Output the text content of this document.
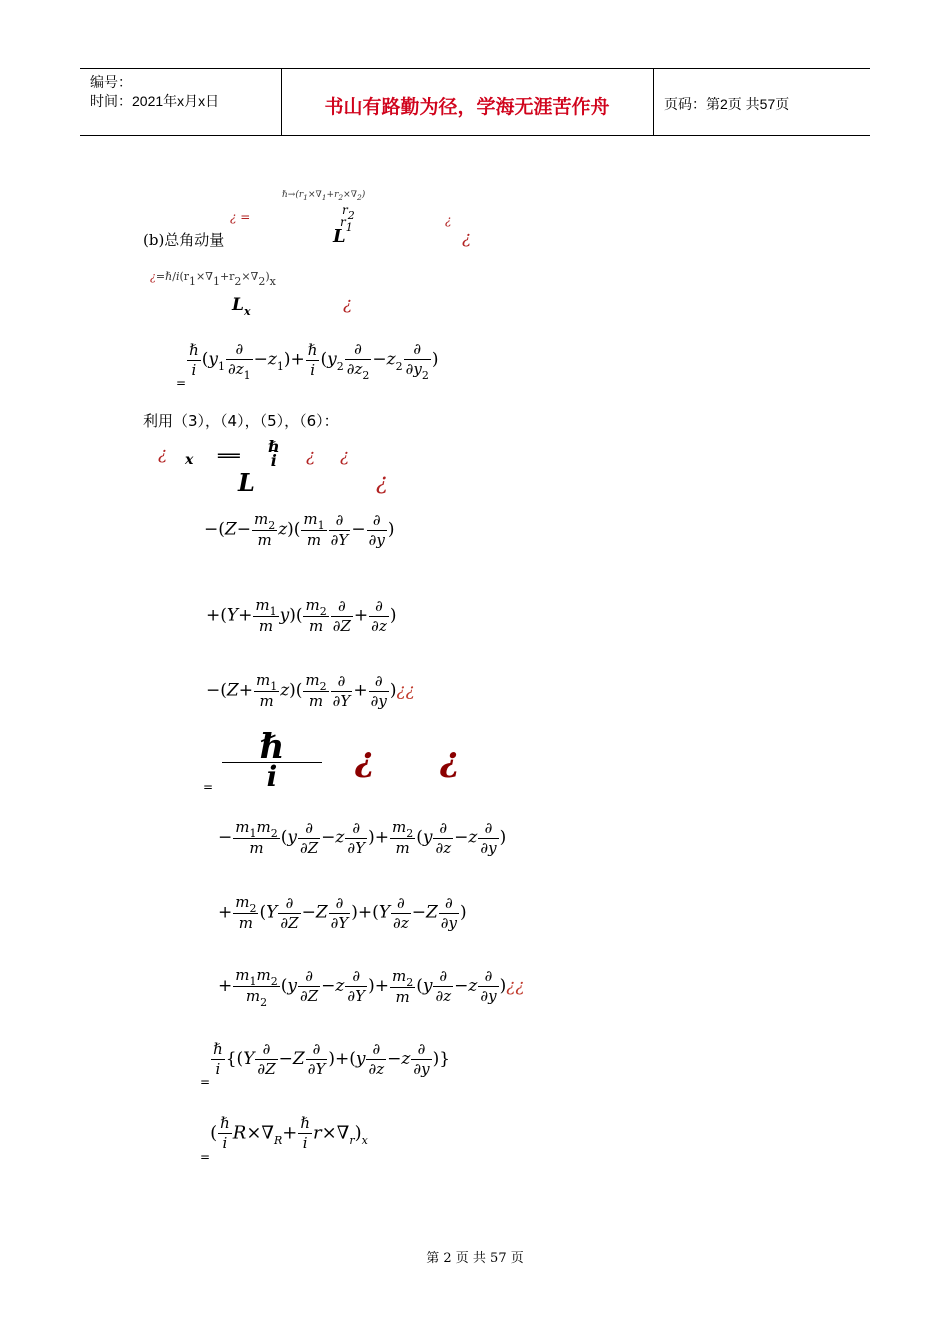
编号：
时间：2021年x月x日	书山有路勤为径，学海无涯苦作舟	页码：第2页 共57页
$\hbar\to(r_1\times\nabla_1+r_2\times\nabla_2)$
¿ =	r2
r1
¿
(b)总角动量	L	¿
¿=ℏ/i(r1×∇1+r2×∇2)x
$L_x$	¿
$_=$
$\frac{\text{ℏ}}{i} (y_1 \frac{\partial}{\partial z_1} -z_1)+ \frac{\text{ℏ}}{i} (y_2 \frac{\partial}{\partial z_2} -z_2 \frac{\partial}{\partial y_2}$ )
利用（3），（4），（5），（6）：
¿ x ══ ℏ
i ¿ ¿
L	¿
$-(Z- \frac{m_2}{m} z)( \frac{m_1}{m} \frac{\partial}{\partial Y} - \frac{\partial}{\partial y}$ )
$+(Y+ \frac{m_1}{m} y)( \frac{m_2}{m} \frac{\partial}{\partial Z} + \frac{\partial}{\partial z}$ )
$-(Z+ \frac{m_1}{m} z)( \frac{m_2}{m} \frac{\partial}{\partial Y} + \frac{\partial}{\partial y}$ )¿¿
ℏ
i
=
¿ ¿
− $\frac{m_1m_2}{m} (y \frac{\partial}{\partial Z} -z \frac{\partial}{\partial Y}$ )+ $\frac{m_2}{m} (y \frac{\partial}{\partial z} -z \frac{\partial}{\partial y}$ )
+ $\frac{m_2}{m} (Y \frac{\partial}{\partial Z} -Z \frac{\partial}{\partial Y} )+(Y \frac{\partial}{\partial z} -Z \frac{\partial}{\partial y}$ )
+ $\frac{m_1m_2}{m_2} (y \frac{\partial}{\partial Z} -z \frac{\partial}{\partial Y}$ )+ $\frac{m_2}{m} (y \frac{\partial}{\partial z} -z \frac{\partial}{\partial y}$ )¿¿
$_=$
$\frac{\text{ℏ}}{i} \{(Y \frac{\partial}{\partial Z} -Z \frac{\partial}{\partial Y} )+(y \frac{\partial}{\partial z} -z \frac{\partial}{\partial y}$ )}
$_=( \frac{\text{ℏ}}{i} R\times\nabla_R+ \frac{\text{ℏ}}{i} r\times\nabla_r)_x$
第 2 页 共 57 页
